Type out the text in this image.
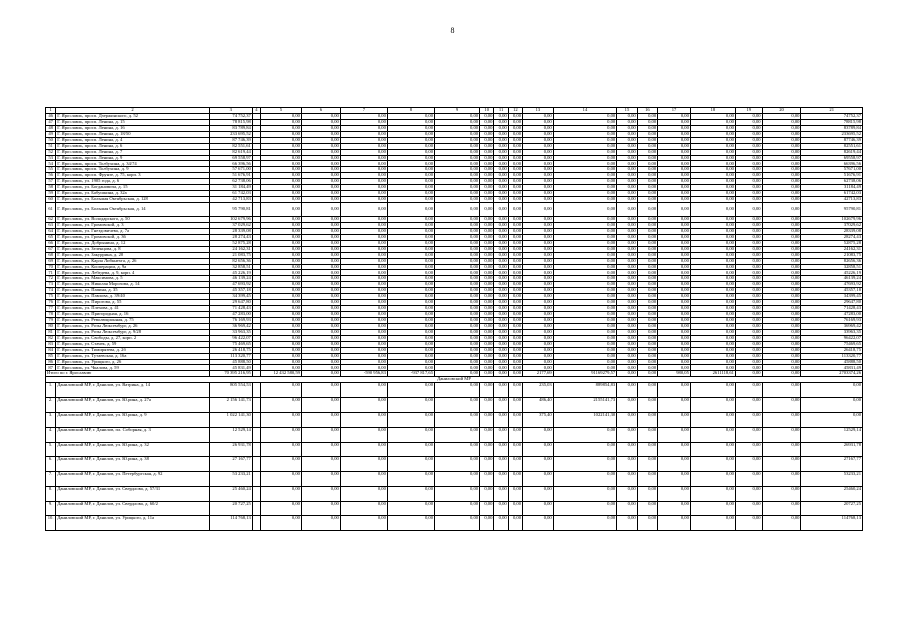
8
1	2	3	4	5	6	7	8	9	10	11	12	13	14	15	16	17	18	19	20	21
46	Г. Ярославль, просп. Дзержинского, д. 52	74 752,37		0,00	0,00	0,00	0,00	0,00	0,00	0,00	0,00	0,00	0,00	0,00	0,00	0,00	0,00	0,00	0,00	74752,37
47	Г. Ярославль, просп. Ленина, д. 15	78 815,98		0,00	0,00	0,00	0,00	0,00	0,00	0,00	0,00	0,00	0,00	0,00	0,00	0,00	0,00	0,00	0,00	78815,98
48	Г. Ярославль, просп. Ленина, д. 16	83 789,84		0,00	0,00	0,00	0,00	0,00	0,00	0,00	0,00	0,00	0,00	0,00	0,00	0,00	0,00	0,00	0,00	83789,84
49	Г. Ярославль, просп. Ленина, д. 18/50	233 695,52		0,00	0,00	0,00	0,00	0,00	0,00	0,00	0,00	0,00	0,00	0,00	0,00	0,00	0,00	0,00	0,00	233695,52
50	Г. Ярославль, просп. Ленина, д. 4	87 746,39		0,00	0,00	0,00	0,00	0,00	0,00	0,00	0,00	0,00	0,00	0,00	0,00	0,00	0,00	0,00	0,00	87746,39
51	Г. Ярославль, просп. Ленина, д. 6	82 551,61		0,00	0,00	0,00	0,00	0,00	0,00	0,00	0,00	0,00	0,00	0,00	0,00	0,00	0,00	0,00	0,00	82551,61
52	Г. Ярославль, просп. Ленина, д. 7	82 619,44		0,00	0,00	0,00	0,00	0,00	0,00	0,00	0,00	0,00	0,00	0,00	0,00	0,00	0,00	0,00	0,00	82619,44
53	Г. Ярославль, просп. Ленина, д. 9	69 558,97		0,00	0,00	0,00	0,00	0,00	0,00	0,00	0,00	0,00	0,00	0,00	0,00	0,00	0,00	0,00	0,00	69558,97
54	Г. Ярославль, просп. Толбухина, д. 34/74	66 396,56		0,00	0,00	0,00	0,00	0,00	0,00	0,00	0,00	0,00	0,00	0,00	0,00	0,00	0,00	0,00	0,00	66396,56
55	Г. Ярославль, просп. Толбухина, д. 9	57 671,00		0,00	0,00	0,00	0,00	0,00	0,00	0,00	0,00	0,00	0,00	0,00	0,00	0,00	0,00	0,00	0,00	57671,00
56	Г. Ярославль, просп. Фрунзе, д. 75, корп. 3	51 676,91		0,00	0,00	0,00	0,00	0,00	0,00	0,00	0,00	0,00	0,00	0,00	0,00	0,00	0,00	0,00	0,00	51676,91
57	Г. Ярославль, ул. 1905 года, д. 6	62 738,06		0,00	0,00	0,00	0,00	0,00	0,00	0,00	0,00	0,00	0,00	0,00	0,00	0,00	0,00	0,00	0,00	62738,06
58	Г. Ярославль, ул. Богдановича, д. 15	31 184,49		0,00	0,00	0,00	0,00	0,00	0,00	0,00	0,00	0,00	0,00	0,00	0,00	0,00	0,00	0,00	0,00	31184,49
59	Г. Ярославль, ул. Бабушкина, д. 32а	61 742,03		0,00	0,00	0,00	0,00	0,00	0,00	0,00	0,00	0,00	0,00	0,00	0,00	0,00	0,00	0,00	0,00	61742,03
60	Г. Ярославль, ул. Большая Октябрьская, д. 128	42 713,83		0,00	0,00	0,00	0,00	0,00	0,00	0,00	0,00	0,00	0,00	0,00	0,00	0,00	0,00	0,00	0,00	42713,83
61	Г. Ярославль, ул. Большая Октябрьская, д. 14	95 790,81		0,00	0,00	0,00	0,00	0,00	0,00	0,00	0,00	0,00	0,00	0,00	0,00	0,00	0,00	0,00	0,00	95790,81
62	Г. Ярославль, ул. Володарского, д. 50	102 679,96		0,00	0,00	0,00	0,00	0,00	0,00	0,00	0,00	0,00	0,00	0,00	0,00	0,00	0,00	0,00	0,00	102679,96
63	Г. Ярославль, ул. Громовской, д. 3	37 029,62		0,00	0,00	0,00	0,00	0,00	0,00	0,00	0,00	0,00	0,00	0,00	0,00	0,00	0,00	0,00	0,00	37029,62
64	Г. Ярославль, ул. Гнездовичева, д. 7а	28 339,08		0,00	0,00	0,00	0,00	0,00	0,00	0,00	0,00	0,00	0,00	0,00	0,00	0,00	0,00	0,00	0,00	28339,08
65	Г. Ярославль, ул. Громовской, д. 36	28 274,43		0,00	0,00	0,00	0,00	0,00	0,00	0,00	0,00	0,00	0,00	0,00	0,00	0,00	0,00	0,00	0,00	28274,43
66	Г. Ярославль, ул. Добрынина, д. 12	52 875,28		0,00	0,00	0,00	0,00	0,00	0,00	0,00	0,00	0,00	0,00	0,00	0,00	0,00	0,00	0,00	0,00	52875,28
67	Г. Ярославль, ул. Зеленцова, д. 8	24 162,31		0,00	0,00	0,00	0,00	0,00	0,00	0,00	0,00	0,00	0,00	0,00	0,00	0,00	0,00	0,00	0,00	24162,31
68	Г. Ярославль, ул. Закуррина, д. 20	21 083,75		0,00	0,00	0,00	0,00	0,00	0,00	0,00	0,00	0,00	0,00	0,00	0,00	0,00	0,00	0,00	0,00	21083,75
69	Г. Ярославль, ул. Карла Либкнехта, д. 26	82 656,36		0,00	0,00	0,00	0,00	0,00	0,00	0,00	0,00	0,00	0,00	0,00	0,00	0,00	0,00	0,00	0,00	82656,36
70	Г. Ярославль, ул. Кооперации, д. 9а	32 858,51		0,00	0,00	0,00	0,00	0,00	0,00	0,00	0,00	0,00	0,00	0,00	0,00	0,00	0,00	0,00	0,00	32858,51
71	Г. Ярославль, ул. Лебедева, д. 9, корп. 4	45 226,19		0,00	0,00	0,00	0,00	0,00	0,00	0,00	0,00	0,00	0,00	0,00	0,00	0,00	0,00	0,00	0,00	45226,19
72	Г. Ярославль, ул. Максимова, д. 5	46 139,24		0,00	0,00	0,00	0,00	0,00	0,00	0,00	0,00	0,00	0,00	0,00	0,00	0,00	0,00	0,00	0,00	46139,24
73	Г. Ярославль, ул. Николая Морозова, д. 14	47 693,92		0,00	0,00	0,00	0,00	0,00	0,00	0,00	0,00	0,00	0,00	0,00	0,00	0,00	0,00	0,00	0,00	47693,92
74	Г. Ярославль, ул. Папина, д. 35	45 357,18		0,00	0,00	0,00	0,00	0,00	0,00	0,00	0,00	0,00	0,00	0,00	0,00	0,00	0,00	0,00	0,00	45357,18
75	Г. Ярославль, ул. Павлова, д. 39/40	34 399,45		0,00	0,00	0,00	0,00	0,00	0,00	0,00	0,00	0,00	0,00	0,00	0,00	0,00	0,00	0,00	0,00	34399,45
76	Г. Ярославль, ул. Пирогова, д. 55	29 647,80		0,00	0,00	0,00	0,00	0,00	0,00	0,00	0,00	0,00	0,00	0,00	0,00	0,00	0,00	0,00	0,00	29647,80
77	Г. Ярославль, ул. Плехова, д. 41	71 428,43		0,00	0,00	0,00	0,00	0,00	0,00	0,00	0,00	0,00	0,00	0,00	0,00	0,00	0,00	0,00	0,00	71428,43
78	Г. Ярославль, ул. Пригородная, д. 16	47 283,00		0,00	0,00	0,00	0,00	0,00	0,00	0,00	0,00	0,00	0,00	0,00	0,00	0,00	0,00	0,00	0,00	47283,00
79	Г. Ярославль, ул. Революционная, д. 75	76 169,93		0,00	0,00	0,00	0,00	0,00	0,00	0,00	0,00	0,00	0,00	0,00	0,00	0,00	0,00	0,00	0,00	76169,93
80	Г. Ярославль, ул. Розы Люксембург, д. 26	36 969,42		0,00	0,00	0,00	0,00	0,00	0,00	0,00	0,00	0,00	0,00	0,00	0,00	0,00	0,00	0,00	0,00	36969,42
81	Г. Ярославль, ул. Розы Люксембург, д. 9/28	33 963,35		0,00	0,00	0,00	0,00	0,00	0,00	0,00	0,00	0,00	0,00	0,00	0,00	0,00	0,00	0,00	0,00	33963,35
82	Г. Ярославль, ул. Свободы, д. 27, корп. 2	96 422,07		0,00	0,00	0,00	0,00	0,00	0,00	0,00	0,00	0,00	0,00	0,00	0,00	0,00	0,00	0,00	0,00	96422,07
83	Г. Ярославль, ул. Стачек, д. 59	75 469,65		0,00	0,00	0,00	0,00	0,00	0,00	0,00	0,00	0,00	0,00	0,00	0,00	0,00	0,00	0,00	0,00	75469,65
84	Г. Ярославль, ул. Тимирязева, д. 2б	26 418,75		0,00	0,00	0,00	0,00	0,00	0,00	0,00	0,00	0,00	0,00	0,00	0,00	0,00	0,00	0,00	0,00	26418,75
85	Г. Ярославль, ул. Тутаевская, д. 16а	113 320,77		0,00	0,00	0,00	0,00	0,00	0,00	0,00	0,00	0,00	0,00	0,00	0,00	0,00	0,00	0,00	0,00	113320,77
86	Г. Ярославль, ул. Урицкого, д. 26	45 888,50		0,00	0,00	0,00	0,00	0,00	0,00	0,00	0,00	0,00	0,00	0,00	0,00	0,00	0,00	0,00	0,00	45888,50
87	Г. Ярославль, ул. Чкалова, д. 59	45 831,49		0,00	0,00	0,00	0,00	0,00	0,00	0,00	0,00	0,00	0,00	0,00	0,00	0,00	0,00	0,00	0,00	45831,49
Итого по г. Ярославлю		70 395 216,95		12 432 580,59	0,00	-590 956,83	-937 817,65	0,00	0,00	0,00	0,00	2177,69	91169279,57	0,00	0,00	980,05	2611118,61	0,00	0,00	2703374,26
Даниловский МР																				
1.	Даниловский МР, г. Данилов, ул. Ватрина, д. 14	805 554,53		0,00	0,00	0,00	0,00	0,00	0,00	0,00	0,00	235,03	889854,83	0,00	0,00	0,00	0,00	0,00	0,00	0,00
2.	Даниловский МР, г. Данилов, ул. Ю.рина, д. 27а	2 156 141,73		0,00	0,00	0,00	0,00	0,00	0,00	0,00	0,00	486,40	2155141,73	0,00	0,00	0,00	0,00	0,00	0,00	0,00
3.	Даниловский МР, г. Данилов, ул. Ю.рина, д. 9	1 022 141,30		0,00	0,00	0,00	0,00	0,00	0,00	0,00	0,00	375,40	1022141,30	0,00	0,00	0,00	0,00	0,00	0,00	0,00
4.	Даниловский МР, г. Данилов, пл. Соборная, д. 3	12 529,14		0,00	0,00	0,00	0,00	0,00	0,00	0,00	0,00	0,00	0,00	0,00	0,00	0,00	0,00	0,00	0,00	12529,14
5.	Даниловский МР, г. Данилов, ул. Ю.рина, д. 32	26 931,78		0,00	0,00	0,00	0,00	0,00	0,00	0,00	0,00	0,00	0,00	0,00	0,00	0,00	0,00	0,00	0,00	26931,78
6.	Даниловский МР, г. Данилов, ул. Ю.рина, д. 38	27 167,77		0,00	0,00	0,00	0,00	0,00	0,00	0,00	0,00	0,00	0,00	0,00	0,00	0,00	0,00	0,00	0,00	27167,77
7.	Даниловский МР, г. Данилов, ул. Петербургская, д. 92	53 233,21		0,00	0,00	0,00	0,00	0,00	0,00	0,00	0,00	0,00	0,00	0,00	0,00	0,00	0,00	0,00	0,00	53233,21
8.	Даниловский МР, г. Данилов, ул. Свердлова, д. 57/31	25 460,24		0,00	0,00	0,00	0,00	0,00	0,00	0,00	0,00	0,00	0,00	0,00	0,00	0,00	0,00	0,00	0,00	25460,24
9.	Даниловский МР, г. Данилов, ул. Свердлова, д. 60/2	20 727,25		0,00	0,00	0,00	0,00	0,00	0,00	0,00	0,00	0,00	0,00	0,00	0,00	0,00	0,00	0,00	0,00	20727,25
10.	Даниловский МР, г. Данилов, ул. Урицкого, д. 11а	114 768,13		0,00	0,00	0,00	0,00	0,00	0,00	0,00	0,00	0,00	0,00	0,00	0,00	0,00	0,00	0,00	0,00	114768,13
